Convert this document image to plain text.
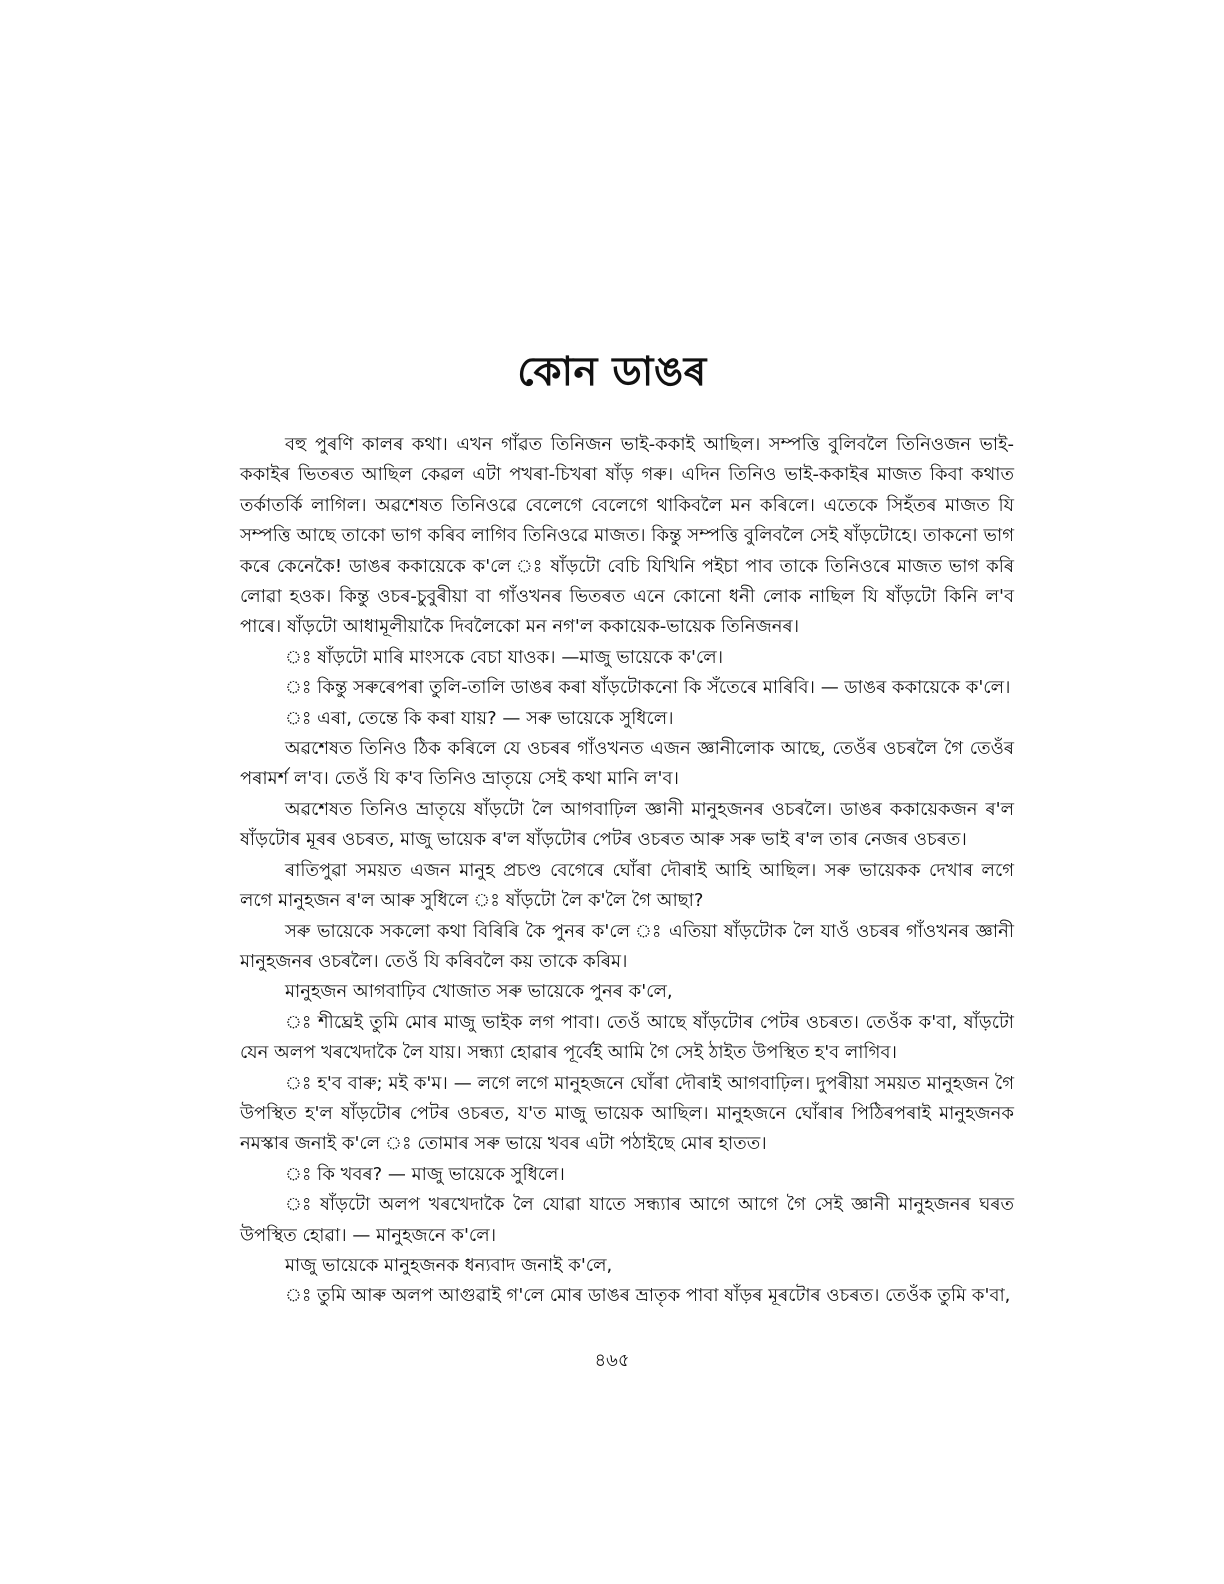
কোন ডাঙৰ

বহু পুৰণি কালৰ কথা। এখন গাঁৱত তিনিজন ভাই-ককাই আছিল। সম্পত্তি বুলিবলৈ তিনিওজন ভাই-ককাইৰ ভিতৰত আছিল কেৱল এটা পখৰা-চিখৰা ষাঁড় গৰু। এদিন তিনিও ভাই-ককাইৰ মাজত কিবা কথাত তৰ্কাতৰ্কি লাগিল। অৱশেষত তিনিওৱে বেলেগে বেলেগে থাকিবলৈ মন কৰিলে। এতেকে সিহঁতৰ মাজত যি সম্পত্তি আছে তাকো ভাগ কৰিব লাগিব তিনিওৱে মাজত। কিন্তু সম্পত্তি বুলিবলৈ সেই ষাঁড়টোহে। তাকনো ভাগ কৰে কেনেকৈ! ডাঙৰ ককায়েকে ক'লে ঃ ষাঁড়টো বেচি যিখিনি পইচা পাব তাকে তিনিওৰে মাজত ভাগ কৰি লোৱা হওক। কিন্তু ওচৰ-চুবুৰীয়া বা গাঁওখনৰ ভিতৰত এনে কোনো ধনী লোক নাছিল যি ষাঁড়টো কিনি ল'ব পাৰে। ষাঁড়টো আধামূলীয়াকৈ দিবলৈকো মন নগ'ল ককায়েক-ভায়েক তিনিজনৰ।

ঃ ষাঁড়টো মাৰি মাংসকে বেচা যাওক। —মাজু ভায়েকে ক'লে।

ঃ কিন্তু সৰুৰেপৰা তুলি-তালি ডাঙৰ কৰা ষাঁড়টোকনো কি সঁতেৰে মাৰিবি। — ডাঙৰ ককায়েকে ক'লে।

ঃ এৰা, তেন্তে কি কৰা যায়? — সৰু ভায়েকে সুধিলে।

অৱশেষত তিনিও ঠিক কৰিলে যে ওচৰৰ গাঁওখনত এজন জ্ঞানীলোক আছে, তেওঁৰ ওচৰলৈ গৈ তেওঁৰ পৰামৰ্শ ল'ব। তেওঁ যি ক'ব তিনিও ভ্ৰাতৃয়ে সেই কথা মানি ল'ব।

অৱশেষত তিনিও ভ্ৰাতৃয়ে ষাঁড়টো লৈ আগবাঢ়িল জ্ঞানী মানুহজনৰ ওচৰলৈ। ডাঙৰ ককায়েকজন ৰ'ল ষাঁড়টোৰ মূৰৰ ওচৰত, মাজু ভায়েক ৰ'ল ষাঁড়টোৰ পেটৰ ওচৰত আৰু সৰু ভাই ৰ'ল তাৰ নেজৰ ওচৰত।

ৰাতিপুৱা সময়ত এজন মানুহ প্ৰচণ্ড বেগেৰে ঘোঁৰা দৌৰাই আহি আছিল। সৰু ভায়েকক দেখাৰ লগে লগে মানুহজন ৰ'ল আৰু সুধিলে ঃ ষাঁড়টো লৈ ক'লৈ গৈ আছা?

সৰু ভায়েকে সকলো কথা বিৰিৰি কৈ পুনৰ ক'লে ঃ এতিয়া ষাঁড়টোক লৈ যাওঁ ওচৰৰ গাঁওখনৰ জ্ঞানী মানুহজনৰ ওচৰলৈ। তেওঁ যি কৰিবলৈ কয় তাকে কৰিম।

মানুহজন আগবাঢ়িব খোজাত সৰু ভায়েকে পুনৰ ক'লে,

ঃ শীঘ্ৰেই তুমি মোৰ মাজু ভাইক লগ পাবা। তেওঁ আছে ষাঁড়টোৰ পেটৰ ওচৰত। তেওঁক ক'বা, ষাঁড়টো যেন অলপ খৰখেদাকৈ লৈ যায়। সন্ধ্যা হোৱাৰ পূৰ্বেই আমি গৈ সেই ঠাইত উপস্থিত হ'ব লাগিব।

ঃ হ'ব বাৰু; মই ক'ম। — লগে লগে মানুহজনে ঘোঁৰা দৌৰাই আগবাঢ়িল। দুপৰীয়া সময়ত মানুহজন গৈ উপস্থিত হ'ল ষাঁড়টোৰ পেটৰ ওচৰত, য'ত মাজু ভায়েক আছিল। মানুহজনে ঘোঁৰাৰ পিঠিৰপৰাই মানুহজনক নমস্কাৰ জনাই ক'লে ঃ তোমাৰ সৰু ভায়ে খবৰ এটা পঠাইছে মোৰ হাতত।

ঃ কি খবৰ? — মাজু ভায়েকে সুধিলে।

ঃ ষাঁড়টো অলপ খৰখেদাকৈ লৈ যোৱা যাতে সন্ধ্যাৰ আগে আগে গৈ সেই জ্ঞানী মানুহজনৰ ঘৰত উপস্থিত হোৱা। — মানুহজনে ক'লে।

মাজু ভায়েকে মানুহজনক ধন্যবাদ জনাই ক'লে,

ঃ তুমি আৰু অলপ আগুৱাই গ'লে মোৰ ডাঙৰ ভ্ৰাতৃক পাবা ষাঁড়ৰ মূৰটোৰ ওচৰত। তেওঁক তুমি ক'বা,

৪৬৫
